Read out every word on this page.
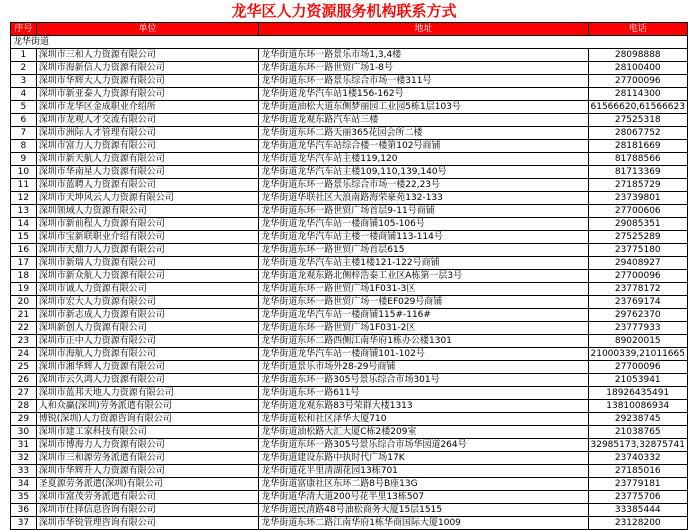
龙华区人力资源服务机构联系方式
序号	单位	地址	电话
龙华街道			
1	深圳市三和人力资源有限公司	龙华街道东环一路景乐市场1,3,4楼	28098888
2	深圳市海新信人力资源有限公司	龙华街道东环一路世贸广场1-8号	28100400
3	深圳市华辉大人力资源有限公司	龙华街道东环一路景乐综合市场一楼311号	27700096
4	深圳市新亚泰人力资源有限公司	龙华街道龙华汽车站1楼156-162号	28114300
5	深圳市龙华区金成职业介绍所	龙华街道油松大道东侧梦丽园工业园5栋1层103号	61566620,61566623
6	深圳市龙观人才交流有限公司	龙华街道龙观东路汽车站三楼	27525318
7	深圳市洲际人才管理有限公司	龙华街道东环二路天丽365花园会所二楼	28067752
8	深圳市富力人力资源有限公司	龙华街道龙华汽车站综合楼一楼第102号商铺	28181669
9	深圳市新天航人力资源有限公司	龙华街道龙华汽车站主楼119,120	81788566
10	深圳市华南星人力资源有限公司	龙华街道龙华汽车站主楼109,110,139,140号	81713369
11	深圳市蓝聘人力资源有限公司	龙华街道东环一路景乐综合市场一楼22,23号	27185729
12	深圳市天坤风云人力资源有限公司	龙华街道华联社区大浪南路海荣豪苑132-133	23739801
13	深圳领域人力资源有限公司	龙华街道东环一路世贸广场首层9-11号商铺	27700606
14	深圳市新前程人力资源有限公司	龙华街道龙华汽车站一楼商铺105-106号	29085351
15	深圳市宝新联职业介绍有限公司	龙华街道龙华汽车站主楼一楼商铺113-114号	27525289
16	深圳市天鼎力人力资源有限公司	龙华街道东环一路世贸广场首层615	23775180
17	深圳市新瑞人力资源有限公司	龙华街道龙华汽车站主楼1楼121-122号商铺	29408927
18	深圳市新众航人力资源有限公司	龙华街道龙观东路北侧梓浩泰工业区A栋第一层3号	27700096
19	深圳市诚人力资源有限公司	龙华街道东环一路世贸广场1F031-3区	23778172
20	深圳市宏大人力资源有限公司	龙华街道东环一路世贸广场一楼EF029号商铺	23769174
21	深圳市新志成人力资源有限公司	龙华街道龙华汽车站一楼商铺115#-116#	29762370
22	深圳新创人力资源有限公司	龙华街道东环一路世贸广场1F031-2区	23777933
23	深圳市正中人力资源有限公司	龙华街道东环二路西侧江南华府1栋办公楼1301	89020015
24	深圳市海航人力资源有限公司	龙华街道龙华汽车站一楼商铺101-102号	21000339,21011665
25	深圳市湘华辉人力资源有限公司	龙华街道景乐市场外28-29号商铺	27700096
26	深圳市云久鸿人力资源有限公司	龙华街道东环一路305号景乐综合市场301号	21053941
27	深圳市蓝邦天地人力资源有限公司	龙华街道东环一路611号	18926435491
28	人和众赢(深圳)劳务派遣有限公司	龙华街道龙观东路83号荣群大楼1313	13810086934
29	博锐(深圳)人力资源咨询有限公司	龙华街道松和社区泽华大厦710	29238745
30	深圳市建工家科技有限公司	龙华街道油松路大汇大厦C栋2楼209室	21038765
31	深圳市博海力人力资源有限公司	龙华街道东环一路305号景乐综合市场华园道264号	32985173,32875741
32	深圳市三和源劳务派遣有限公司	龙华街道建设东路中执时代广场17K	23740332
33	深圳市华辉升人力资源有限公司	龙华街道花半里清湖花园13栋701	27185016
34	圣夏源劳务派遣(深圳)有限公司	龙华街道富康社区东环二路8号B座13G	23779181
35	深圳市富茂劳务派遣有限公司	龙华街道华清大道200号花半里13栋507	23775706
36	深圳市仕择信息咨询有限公司	龙华街道民清路48号油松商务大厦15层1515	33385444
37	深圳市华锐管理咨询有限公司	龙华街道东环二路江南华府1栋华商国际大厦1009	23128200
